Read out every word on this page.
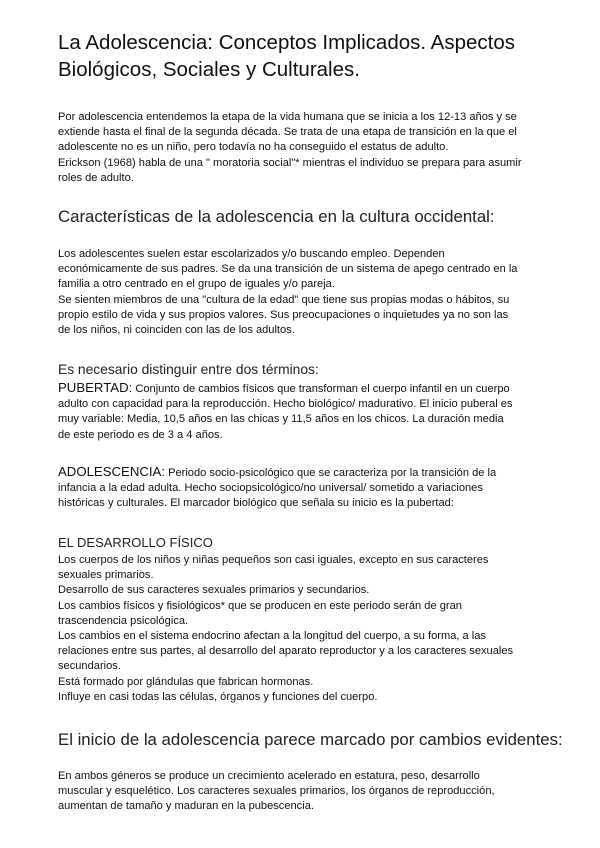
La Adolescencia: Conceptos Implicados. Aspectos
Biológicos, Sociales y Culturales.
Por adolescencia entendemos la etapa de la vida humana que se inicia a los 12-13 años y se
extiende hasta el final de la segunda década. Se trata de una etapa de transición en la que el
adolescente no es un niño, pero todavía no ha conseguido el estatus de adulto.
Erickson (1968) habla de una " moratoria social"* mientras el individuo se prepara para asumir
roles de adulto.
Características de la adolescencia en la cultura occidental:
Los adolescentes suelen estar escolarizados y/o buscando empleo. Dependen
económicamente de sus padres. Se da una transición de un sistema de apego centrado en la
familia a otro centrado en el grupo de iguales y/o pareja.
Se sienten miembros de una "cultura de la edad" que tiene sus propias modas o hábitos, su
propio estilo de vida y sus propios valores. Sus preocupaciones o inquietudes ya no son las
de los niños, ni coinciden con las de los adultos.
Es necesario distinguir entre dos términos:
PUBERTAD: Conjunto de cambios físicos que transforman el cuerpo infantil en un cuerpo
adulto con capacidad para la reproducción. Hecho biológico/ madurativo. El inicio puberal es
muy variable: Media, 10,5 años en las chicas y 11,5 años en los chicos. La duración media
de este periodo es de 3 a 4 años.
ADOLESCENCIA: Periodo socio-psicológico que se caracteriza por la transición de la
infancia a la edad adulta. Hecho sociopsicológico/no universal/ sometido a variaciones
históricas y culturales. El marcador biológico que señala su inicio es la pubertad:
EL DESARROLLO FÍSICO
Los cuerpos de los niños y niñas pequeños son casi iguales, excepto en sus caracteres
sexuales primarios.
Desarrollo de sus caracteres sexuales primarios y secundarios.
Los cambios físicos y fisiológicos* que se producen en este periodo serán de gran
trascendencia psicológica.
Los cambios en el sistema endocrino afectan a la longitud del cuerpo, a su forma, a las
relaciones entre sus partes, al desarrollo del aparato reproductor y a los caracteres sexuales
secundarios.
Está formado por glándulas que fabrican hormonas.
Influye en casi todas las células, órganos y funciones del cuerpo.
El inicio de la adolescencia parece marcado por cambios evidentes:
En ambos géneros se produce un crecimiento acelerado en estatura, peso, desarrollo
muscular y esquelético. Los caracteres sexuales primarios, los órganos de reproducción,
aumentan de tamaño y maduran en la pubescencia.
